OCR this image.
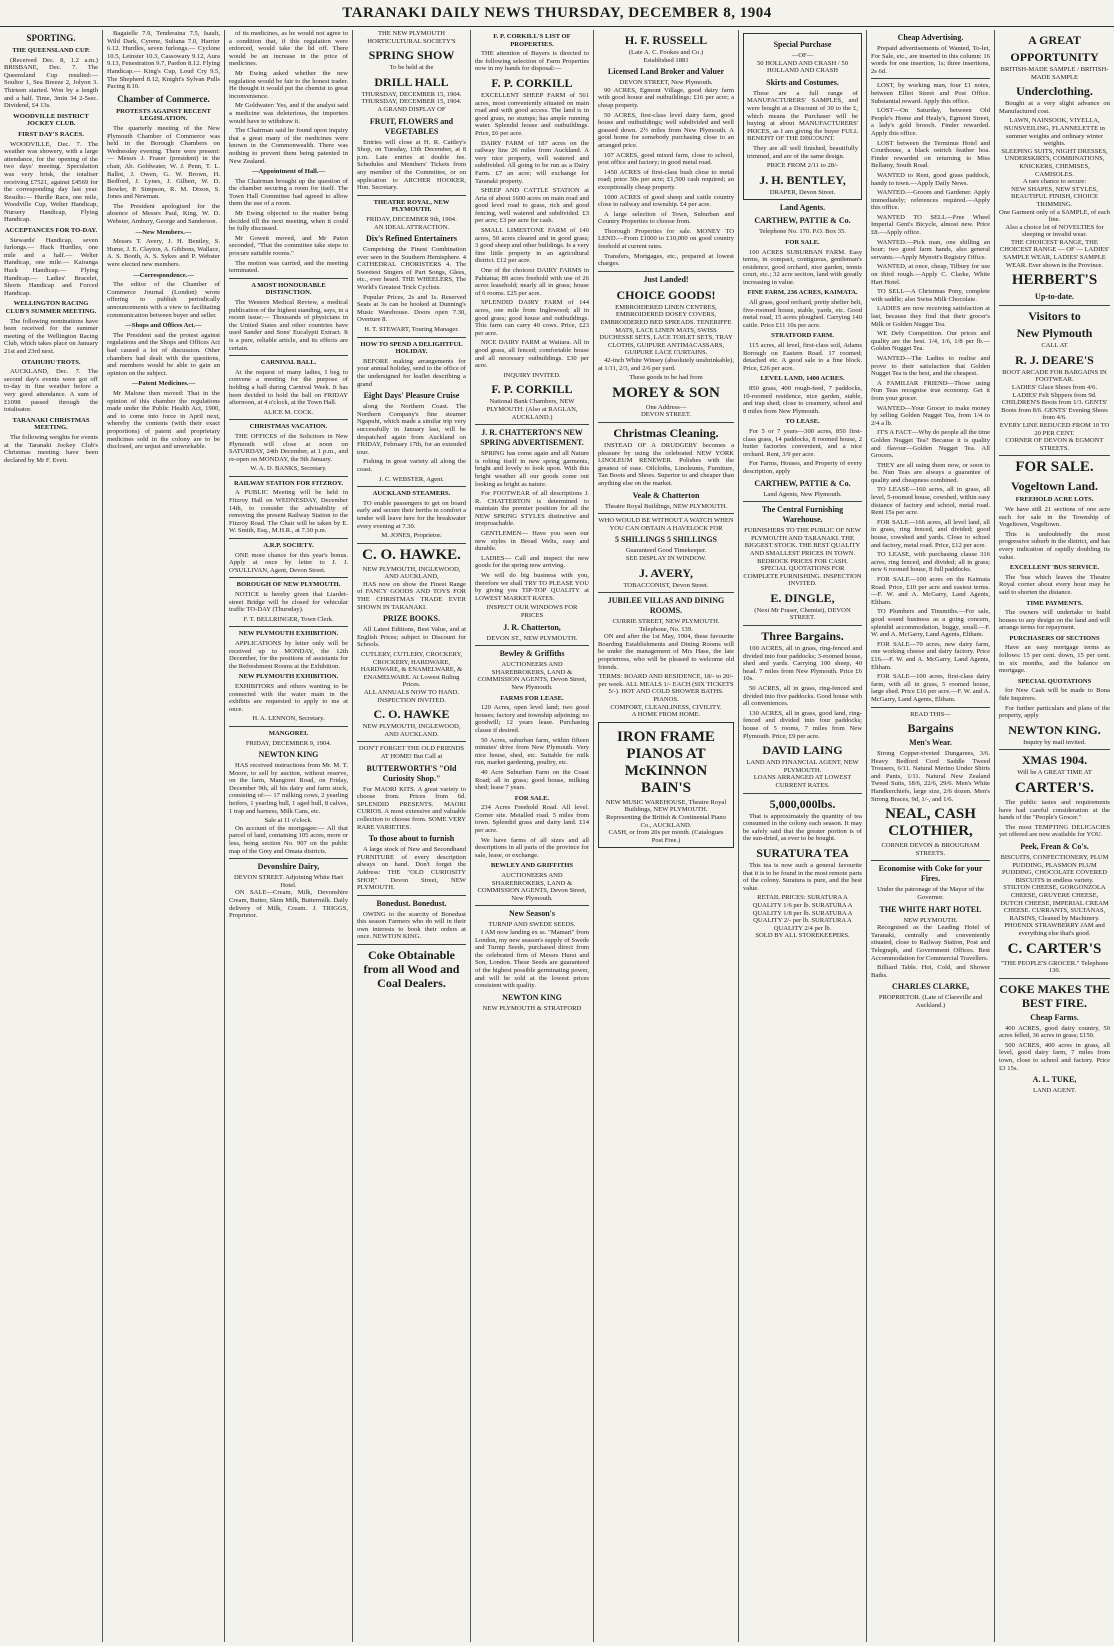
TARANAKI DAILY NEWS THURSDAY, DECEMBER 8, 1904
SPORTING.
THE QUEENSLAND CUP.

(Received Dec. 8, 1.2 a.m.) BRISBANE, Dec. 7. The Queensland Cup resulted:— Soultor 1, Sea Breeze 2, Jolyon 3. Thirteen started. Won by a length and a half. Time, 3min 34 2-5sec. Dividend, £4 13s.

WOODVILLE DISTRICT JOCKEY CLUB.
FIRST DAY'S RACES.

WOODVILLE, Dec. 7. The weather was showery, with a large attendance, for the opening of the two days' meeting. Speculation was very brisk, the totaliser receiving £7521, against £4569 for the corresponding day last year. Results:— Hurdle Race, one mile, Woodville Cup, Welter Handicap, Nursery Handicap, Flying Handicap.

ACCEPTANCES FOR TO-DAY.

Stewards' Handicap, seven furlongs.— Hack Hurdles, one mile and a half.— Welter Handicap, one mile.— Kairanga Hack Handicap.— Flying Handicap.— Ladies' Bracelet, Shorts Handicap and Forced Handicap.

WELLINGTON RACING CLUB'S SUMMER MEETING.

The following nominations have been received for the summer meeting of the Wellington Racing Club, which takes place on January 21st and 23rd next.

OTAHUHU TROTS.

AUCKLAND, Dec. 7. The second day's events were got off to-day in fine weather before a very good attendance. A sum of £1098 passed through the totalisator.

TARANAKI CHRISTMAS MEETING.

The following weights for events at the Taranaki Jockey Club's Christmas meeting have been declared by Mr F. Evett.

Bagatelle 7.9, Tenderaina 7.5, Isault, Wild Dark, Cyrene, Sultana 7.0, Harrier 6.12. Hurdles, seven furlongs.— Cyclone 10.5, Leinster 10.3, Cassowary 9.12, Aura 9.13, Fenestration 9.7, Pardon 8.12. Flying Handicap.— King's Cup, Loud Cry 9.5, The Shepherd 8.12, Knight's Sylvan Pulls Pacing 8.10.

Chamber of Commerce.
PROTESTS AGAINST RECENT LEGISLATION.

The quarterly meeting of the New Plymouth Chamber of Commerce was held in the Borough Chambers on Wednesday evening. There were present:— Messrs J. Fraser (president) in the chair, Ab. Goldwater, W. J. Penn, T. L. Ballot, J. Owen, G. W. Brown, H. Bedford, J. Lynes, J. Gilbert, W. D. Bowler, P. Simpson, R. M. Dixon, S. Jones and Newman.

The President apologised for the absence of Messrs Paul, King, W. D. Webster, Ambury, George and Sanderson.

—New Members.—

Messrs T. Avery, J. H. Bentley, S. Hume, J. E. Clayton, A. Gibbons, Wallace, A. S. Booth, A. S. Sykes and P. Webster were elected new members.

—Correspondence.—

The editor of the Chamber of Commerce Journal (London) wrote offering to publish periodically announcements with a view to facilitating communication between buyer and seller.

—Shops and Offices Act.—

The President said the protest against regulations and the Shops and Offices Act had caused a lot of discussion. Other chambers had dealt with the questions, and members would be able to gain an opinion on the subject.

—Patent Medicines.—

Mr Malone then moved: That in the opinion of this chamber the regulations made under the Public Health Act, 1900, and to come into force in April next, whereby the contents (with their exact proportions) of patent and proprietary medicines sold in the colony are to be disclosed, are unjust and unworkable.

of its medicines, as he would not agree to a condition that, if this regulation were enforced, would take the lid off. There would be an increase in the price of medicines.

Mr Ewing asked whether the new regulation would be fair to the honest trader. He thought it would put the chemist to great inconvenience.

Mr Goldwater: Yes, and if the analyst said a medicine was deleterious, the importers would have to withdraw it.

The Chairman said he found upon inquiry that a great many of the medicines were known in the Commonwealth. There was nothing to prevent them being patented in New Zealand.

—Appointment of Hall.—

The Chairman brought up the question of the chamber securing a room for itself. The Town Hall Committee had agreed to allow them the use of a room.

Mr Ewing objected to the matter being decided till the next meeting, when it could be fully discussed.

Mr Gowett moved, and Mr Paton seconded, "That the committee take steps to procure suitable rooms."

The motion was carried, and the meeting terminated.

A MOST HONOURABLE DISTINCTION.

The Western Medical Review, a medical publication of the highest standing, says, in a recent issue:— Thousands of physicians in the United States and other countries have used Sander and Sons' Eucalypti Extract. It is a pure, reliable article, and its effects are certain.

CARNIVAL BALL.

At the request of many ladies, I beg to convene a meeting for the purpose of holding a ball during Carnival Week. It has been decided to hold the ball on FRIDAY afternoon, at 4 o'clock, at the Town Hall.

ALICE M. COCK.
CHRISTMAS VACATION.

THE OFFICES of the Solicitors in New Plymouth will close at noon on SATURDAY, 24th December, at 1 p.m., and re-open on MONDAY, the 9th January.

W. A. D. BANKS, Secretary.
RAILWAY STATION FOR FITZROY.

A PUBLIC Meeting will be held in Fitzroy Hall on WEDNESDAY, December 14th, to consider the advisability of removing the present Railway Station to the Fitzroy Road. The Chair will be taken by E. W. Smith, Esq., M.H.R., at 7.30 p.m.

A.R.P. SOCIETY.

ONE more chance for this year's bonus. Apply at once by letter to J. J. O'SULLIVAN, Agent, Devon Street.

BOROUGH OF NEW PLYMOUTH.

NOTICE is hereby given that Liardet-street Bridge will be closed for vehicular traffic TO-DAY (Thursday).

F. T. BELLRINGER, Town Clerk.
NEW PLYMOUTH EXHIBITION.

APPLICATIONS by letter only will be received up to MONDAY, the 12th December, for the positions of assistants for the Refreshment Rooms at the Exhibition.

NEW PLYMOUTH EXHIBITION.

EXHIBITORS and others wanting to be connected with the water main in the exhibits are requested to apply to me at once.

H. A. LENNON, Secretary.
MANGOREI.
FRIDAY, DECEMBER 9, 1904.
NEWTON KING

HAS received instructions from Mr. M. T. Moore, to sell by auction, without reserve, on the farm, Mangorei Road, on Friday, December 9th, all his dairy and farm stock, consisting of:— 17 milking cows, 2 yearling heifers, 1 yearling bull, 1 aged bull, 8 calves, 1 trap and harness, Milk Cans, etc.

Sale at 11 o'clock.

On account of the mortgagee:— All that parcel of land, containing 105 acres, more or less, being section No. 907 on the public map of the Grey and Omata districts.

Devonshire Dairy,
DEVON STREET. Adjoining White Hart Hotel.

ON SALE—Cream, Milk, Devonshire Cream, Butter, Skim Milk, Buttermilk. Daily delivery of Milk, Cream. J. TRIGGS, Proprietor.

THE NEW PLYMOUTH HORTICULTURAL SOCIETY'S
SPRING SHOW
To be held at the
DRILL HALL
THURSDAY, DECEMBER 15, 1904. THURSDAY, DECEMBER 15, 1904.
A GRAND DISPLAY OF
FRUIT, FLOWERS and VEGETABLES

Entries will close at H. R. Cattley's Shop, on Tuesday, 13th December, at 8 p.m. Late entries at double fee. Schedules and Members' Tickets from any member of the Committee, or on application to ARCHER HOOKER, Hon. Secretary.

THEATRE ROYAL, NEW PLYMOUTH.
FRIDAY, DECEMBER 9th, 1904.
AN IDEAL ATTRACTION.
Dix's Refined Entertainers

Comprising the Finest Combination ever seen in the Southern Hemisphere. 4 CATHEDRAL CHORISTERS 4. The Sweetest Singers of Part Songs, Glees, etc., ever heard. THE WHEELERS, The World's Greatest Trick Cyclists.

Popular Prices, 2s and 1s. Reserved Seats at 3s can be booked at Dunning's Music Warehouse. Doors open 7.30, Overture 8.

H. T. STEWART, Touring Manager.
HOW TO SPEND A DELIGHTFUL HOLIDAY.

BEFORE making arrangements for your annual holiday, send to the office of the undersigned for leaflet describing a grand

Eight Days' Pleasure Cruise

along the Northern Coast. The Northern Company's fine steamer Ngapuhi, which made a similar trip very successfully in January last, will be despatched again from Auckland on FRIDAY, February 17th, for an extended tour.

Fishing in great variety all along the coast.

J. C. WEBSTER, Agent.
AUCKLAND STEAMERS.

TO enable passengers to get on board early and secure their berths in comfort a tender will leave here for the breakwater every evening at 7.30.

M. JONES, Proprietor.
C. O. HAWKE.
NEW PLYMOUTH, INGLEWOOD, AND AUCKLAND,

HAS now on show the Finest Range of FANCY GOODS AND TOYS FOR THE CHRISTMAS TRADE EVER SHOWN IN TARANAKI.

PRIZE BOOKS.

All Latest Editions, Best Value, and at English Prices; subject to Discount for Schools.

CUTLERY, CUTLERY, CROCKERY, CROCKERY, HARDWARE, HARDWARE, & ENAMELWARE, & ENAMELWARE. At Lowest Ruling Prices.
ALL ANNUALS NOW TO HAND.
INSPECTION INVITED.
C. O. HAWKE
NEW PLYMOUTH, INGLEWOOD, AND AUCKLAND.
DON'T FORGET THE OLD FRIENDS AT HOME! But Call at
BUTTERWORTH'S "Old Curiosity Shop."

For MAORI KITS. A great variety to choose from. Prices from 6d. SPLENDID PRESENTS. MAORI CURIOS. A most extensive and valuable collection to choose from. SOME VERY RARE VARIETIES.

To those about to furnish

A large stock of New and Secondhand FURNITURE of every description always on hand. Don't forget the Address: THE "OLD CURIOSITY SHOP," Devon Street, NEW PLYMOUTH.

Bonedust. Bonedust.

OWING to the scarcity of Bonedust this season Farmers who do will in their own interests to book their orders at once. NEWTON KING.

Coke Obtainable from all Wood and Coal Dealers.
F. P. CORKILL'S LIST OF PROPERTIES.

THE attention of Buyers is directed to the following selection of Farm Properties now in my hands for disposal:—

F. P. CORKILL

EXCELLENT SHEEP FARM of 561 acres, most conveniently situated on main road and with good access. The land is in good grass, no stumps; has ample running water. Splendid house and outbuildings. Price, £6 per acre.

DAIRY FARM of 187 acres on the railway line 26 miles from Auckland. A very nice property, well watered and subdivided. All going to be run as a Dairy Farm. £7 an acre; will exchange for Taranaki property.

SHEEP AND CATTLE STATION at Aria of about 1600 acres on main road and good level road to grass, rich and good fencing, well watered and subdivided. £3 per acre; £3 per acre for cash.

SMALL LIMESTONE FARM of 140 acres, 50 acres cleared and in good grass; 3 good sheep and other buildings. Is a very fine little property in an agricultural district. £12 per acre.

One of the choicest DAIRY FARMS in Pahiatua; 89 acres freehold with use of 26 acres leasehold; nearly all in grass; house of 6 rooms. £25 per acre.

SPLENDID DAIRY FARM of 144 acres, one mile from Inglewood; all in good grass; good house and outbuildings. This farm can carry 40 cows. Price, £23 per acre.

NICE DAIRY FARM at Waitara. All in good grass, all fenced; comfortable house and all necessary outbuildings. £30 per acre.

INQUIRY INVITED.
F. P. CORKILL
National Bank Chambers, NEW PLYMOUTH. (Also at RAGLAN, AUCKLAND.)
J. R. CHATTERTON'S NEW SPRING ADVERTISEMENT.

SPRING has come again and all Nature is robing itself in new spring garments, bright and lovely to look upon. With this bright weather all our goods come out looking as bright as nature.

For FOOTWEAR of all descriptions J. R. CHATTERTON is determined to maintain the premier position for all the NEW SPRING STYLES distinctive and irreproachable.

GENTLEMEN— Have you seen our new styles in Broad Welts, easy and durable.

LADIES— Call and inspect the new goods for the spring now arriving.

We will do big business with you, therefore we shall TRY TO PLEASE YOU by giving you TIP-TOP QUALITY at LOWEST MARKET RATES.

INSPECT OUR WINDOWS FOR PRICES
J. R. Chatterton,
DEVON ST., NEW PLYMOUTH.
Bewley & Griffiths
AUCTIONEERS AND SHAREBROKERS, LAND & COMMISSION AGENTS, Devon Street, New Plymouth.
FARMS FOR LEASE.

120 Acres, open level land; two good houses; factory and township adjoining; no goodwill; 12 years lease. Purchasing clause if desired.

50 Acres, suburban farm, within fifteen minutes' drive from New Plymouth. Very nice house, shed, etc. Suitable for milk run, market gardening, poultry, etc.

40 Acre Suburban Farm on the Coast Road; all in grass; good house, milking shed; lease 7 years.

FOR SALE.

234 Acres Freehold Road. All level. Corner site. Metalled road. 5 miles from town. Splendid grass and dairy land. £14 per acre.

We have farms of all sizes and all descriptions in all parts of the province for sale, lease, or exchange.

BEWLEY AND GRIFFITHS
AUCTIONEERS AND SHAREBROKERS, LAND & COMMISSION AGENTS, Devon Street, New Plymouth.
New Season's
TURNIP AND SWEDE SEEDS.

I AM now landing ex ss. "Mamari" from London, my new season's supply of Swede and Turnip Seeds, purchased direct from the celebrated firm of Messrs Hurst and Son, London. These Seeds are guaranteed of the highest possible germinating power, and will be sold at the lowest prices consistent with quality.

NEWTON KING
NEW PLYMOUTH & STRATFORD
H. F. RUSSELL
(Late A. C. Fookes and Co.)
Established 1881
Licensed Land Broker and Valuer
DEVON STREET, New Plymouth.

90 ACRES, Egmont Village, good dairy farm with good house and outbuildings; £16 per acre; a cheap property.

50 ACRES, first-class level dairy farm, good house and outbuildings; well subdivided and well grassed down. 2½ miles from New Plymouth. A good home for somebody purchasing close to an arranged price.

107 ACRES, good mixed farm, close to school, post office and factory; in good metal road.

1450 ACRES of first-class bush close to metal road; price 30s per acre; £1,500 cash required; an exceptionally cheap property.

1000 ACRES of good sheep and cattle country close to railway and township. £4 per acre.

A large selection of Town, Suburban and Country Properties to choose from.

Thorough Properties for sale. MONEY TO LEND.—From £1000 to £10,000 on good country freehold at current rates.

Transfers, Mortgages, etc., prepared at lowest charges.

Just Landed!
CHOICE GOODS!
EMBROIDERED LINEN CENTRES, EMBROIDERED DOSEY COVERS, EMBROIDERED BED SPREADS. TENERIFFE MATS, LACE LINEN MATS, SWISS DUCHESSE SETS, LACE TOILET SETS, TRAY CLOTHS, GUIPURE ANTIMACASSARS, GUIPURE LACE CURTAINS.

42-inch White Winsey (absolutely unshrinkable), at 1/11, 2/3, and 2/6 per yard.

These goods to be had from
MOREY & SON
One Address—
DEVON STREET.
Christmas Cleaning.

INSTEAD OF A DRUDGERY becomes a pleasure by using the celebrated NEW YORK LINOLEUM RENEWER. Polishes with the greatest of ease. Oilcloths, Linoleums, Furniture, Tan Boots and Shoes. Superior to and cheaper than anything else on the market.

Veale & Chatterton
Theatre Royal Buildings, NEW PLYMOUTH.
WHO WOULD BE WITHOUT A WATCH WHEN YOU CAN OBTAIN A HAVELOCK FOR
5 SHILLINGS 5 SHILLINGS
Guaranteed Good Timekeeper.
SEE DISPLAY IN WINDOW.
J. AVERY,
TOBACCONIST, Devon Street.
JUBILEE VILLAS AND DINING ROOMS.
CURRIE STREET, NEW PLYMOUTH. Telephone, No. 139.

ON and after the 1st May, 1904, these favourite Boarding Establishments and Dining Rooms will be under the management of Mrs Hase, the late proprietress, who will be pleased to welcome old friends.

TERMS: BOARD AND RESIDENCE, 18/- to 20/- per week. ALL MEALS 1/- EACH (SIX TICKETS 5/-). HOT AND COLD SHOWER BATHS. PIANOS.
COMFORT, CLEANLINESS, CIVILITY.
A HOME FROM HOME.
IRON FRAME PIANOS AT McKINNON BAIN'S
NEW MUSIC WAREHOUSE, Theatre Royal Buildings, NEW PLYMOUTH.
Representing the British & Continental Piano Co., AUCKLAND.
CASH, or from 20s per month. (Catalogues Post Free.)
Special Purchase
—OF—
50 HOLLAND AND CRASH / 50 HOLLAND AND CRASH
Skirts and Costumes.

These are a full range of MANUFACTURERS' SAMPLES, and were bought at a Discount of 30 to the £, which means the Purchaser will be buying at about MANUFACTURERS' PRICES, as I am giving the buyer FULL BENEFIT OF THE DISCOUNT.

They are all well finished, beautifully trimmed, and are of the same design.

PRICE FROM 2/11 to 28/-
J. H. BENTLEY,
DRAPER, Devon Street.
Land Agents.
CARTHEW, PATTIE & Co.
Telephone No. 170. P.O. Box 35.
FOR SALE.

100 ACRES SUBURBAN FARM. Easy terms, in compact, contiguous, gentleman's residence, good orchard, nice garden, tennis court, etc.; 32 acre section, land with greatly increasing in value.

FINE FARM, 236 ACRES, KAIMATA.

All grass, good orchard, pretty shelter belt, five-roomed house, stable, yards, etc. Good metal road, 15 acres ploughed. Carrying 140 cattle. Price £11 10s per acre.

STRATFORD FARM.

115 acres, all level, first-class soil, Adams Borough on Eastern Road. 17 roomed; detached etc. A good sale to a fine block. Price, £26 per acre.

LEVEL LAND, 1400 ACRES.

850 grass, 400 rough-feed, 7 paddocks, 10-roomed residence, nice garden, stable, and trap shed; close to creamery, school and 8 miles from New Plymouth.

TO LEASE.

For 5 or 7 years—300 acres, 850 first-class grass, 14 paddocks, 8 roomed house, 2 butter factories convenient, and a nice orchard. Rent, 3/9 per acre.

For Farms, Houses, and Property of every description, apply

CARTHEW, PATTIE & Co.
Land Agents, New Plymouth.
The Central Furnishing Warehouse.
FURNISHERS TO THE PUBLIC OF NEW PLYMOUTH AND TARANAKI. THE BIGGEST STOCK. THE BEST QUALITY AND SMALLEST PRICES IN TOWN.
BEDROCK PRICES FOR CASH. SPECIAL QUOTATIONS FOR COMPLETE FURNISHING. INSPECTION INVITED.
E. DINGLE,
(Next Mr Fraser, Chemist), DEVON STREET.
Three Bargains.

100 ACRES, all in grass, ring-fenced and divided into four paddocks; 3-roomed house, shed and yards. Carrying 100 sheep, 40 head. 7 miles from New Plymouth. Price £6 10s.

50 ACRES, all in grass, ring-fenced and divided into five paddocks. Good house with all conveniences.

130 ACRES, all in grass, good land, ring-fenced and divided into four paddocks; house of 5 rooms, 7 miles from New Plymouth. Price, £9 per acre.

DAVID LAING
LAND AND FINANCIAL AGENT, NEW PLYMOUTH.
LOANS ARRANGED AT LOWEST CURRENT RATES.
5,000,000lbs.

That is approximately the quantity of tea consumed in the colony each season. It may be safely said that the greater portion is of the sun-dried, as ever to be bought.

SURATURA TEA

This tea is now such a general favourite that it is to be found in the most remote parts of the colony. Suratura is pure, and the best value.

RETAIL PRICES: SURATURA A QUALITY 1/6 per lb. SURATURA A QUALITY 1/8 per lb. SURATURA A QUALITY 2/- per lb. SURATURA A QUALITY 2/4 per lb.
SOLD BY ALL STOREKEEPERS.
Cheap Advertising.

Prepaid advertisements of Wanted, To-let, For Sale, etc., are inserted in this column: 16 words for one insertion, 1s; three insertions, 2s 6d.

LOST, by working man, four £1 notes, between Elliot Street and Post Office. Substantial reward. Apply this office.

LOST—On Saturday, between Old People's Home and Healy's, Egmont Street, a lady's gold brooch. Finder rewarded. Apply this office.

LOST between the Terminus Hotel and Courthouse, a black ostrich feather boa. Finder rewarded on returning to Miss Bellamy, South Road.

WANTED to Rent, good grass paddock, handy to town.—Apply Daily News.

WANTED.—Groom and Gardener. Apply immediately; references required.—Apply this office.

WANTED TO SELL—Free Wheel Imperial Gent's Bicycle, almost new. Price £8.—Apply office.

WANTED.—Pick man, one shilling an hour; two good farm hands, also general servants.—Apply Mynott's Registry Office.

WANTED, at once, cheap, Tilbury for use on third rough.—Apply C. Clarke, White Hart Hotel.

TO SELL—A Christmas Pony, complete with saddle; also Swiss Milk Chocolate.

LADIES are now receiving satisfaction at last, because they find that their grocer's Milk or Golden Nugget Tea.

WE Defy Competition. Our prices and quality are the best. 1/4, 1/6, 1/8 per lb.—Golden Nugget Tea.

WANTED—The Ladies to realise and prove to their satisfaction that Golden Nugget Tea is the best, and the cheapest.

A FAMILIAR FRIEND—Those using Nun Teas recognise true economy. Get it from your grocer.

WANTED—Your Grocer to make money by selling Golden Nugget Tea, from 1/4 to 2/4 a lb.

IT'S A FACT—Why do people all the time Golden Nugget Tea? Because it is quality and flavour—Golden Nugget Tea. All Grocers.

THEY are all using them now, or soon to be. Nun Teas are always a guarantee of quality and cheapness combined.

TO LEASE—160 acres, all in grass, all level, 5-roomed house, cowshed, within easy distance of factory and school, metal road. Rent 15s per acre.

FOR SALE—166 acres, all level land, all in grass, ring fenced, and divided; good house, cowshed and yards. Close to school and factory, metal road. Price, £12 per acre.

TO LEASE, with purchasing clause 316 acres, ring fenced, and divided; all in grass; new 6 roomed house, 8 full paddocks.

FOR SALE—100 acres on the Kaimata Road. Price, £10 per acre and easiest terms.—F. W. and A. McGarry, Land Agents, Eltham.

TO Plumbers and Tinsmiths.—For sale, good sound business as a going concern, splendid accommodation, buggy, small.—F. W. and A. McGarry, Land Agents, Eltham.

FOR SALE—70 acres, new dairy farm, one working cheese and dairy factory. Price £16.—F. W. and A. McGarry, Land Agents, Eltham.

FOR SALE—100 acres, first-class dairy farm, with all in grass, 5 roomed house, large shed. Price £16 per acre.—F. W. and A. McGarry, Land Agents, Eltham.

READ THIS—
Bargains
Men's Wear.

Strong Copper-riveted Dungarees, 3/6. Heavy Bedford Cord Saddle Tweed Trousers, 6/11. Natural Merino Under Shirts and Pants, 1/11. Natural New Zealand Tweed Suits, 18/6, 22/6, 29/6. Men's White Handkerchiefs, large size, 2/6 dozen. Men's Strong Braces, 9d, 1/-, and 1/6.

NEAL, CASH CLOTHIER,
CORNER DEVON & BROUGHAM STREETS.
Economise with Coke for your Fires.
Under the patronage of the Mayor of the Governor.
THE WHITE HART HOTEL
NEW PLYMOUTH.

Recognised as the Leading Hotel of Taranaki, centrally and conveniently situated, close to Railway Station, Post and Telegraph, and Government Offices. Best Accommodation for Commercial Travellers.

Billiard Table. Hot, Cold, and Shower Baths.

CHARLES CLARKE,
PROPRIETOR. (Late of Clareville and Auckland.)
A GREAT
OPPORTUNITY
BRITISH-MADE SAMPLE / BRITISH-MADE SAMPLE
Underclothing.

Bought at a very slight advance on Manufactured cost.

LAWN, NAINSOOK, VIYELLA, NUNSVEILING, FLANNELETTE in summer weights and ordinary winter weights.
SLEEPING SUITS, NIGHT DRESSES, UNDERSKIRTS, COMBINATIONS, KNICKERS, CHEMISES, CAMISOLES.
A rare chance to secure:
NEW SHAPES, NEW STYLES, BEAUTIFUL FINISH, CHOICE TRIMMING.
One Garment only of a SAMPLE, of each line.
Also a choice lot of NOVELTIES for sleeping or invalid wear.
THE CHOICEST RANGE, THE CHOICEST RANGE — OF — LADIES' SAMPLE WEAR, LADIES' SAMPLE WEAR. Ever shown in the Province.
HERBERT'S
Up-to-date.
Visitors to
New Plymouth
CALL AT
R. J. DEARE'S
BOOT ARCADE FOR BARGAINS IN FOOTWEAR.
LADIES' Glace Shoes from 4/6. LADIES' Felt Slippers from 9d. CHILDREN'S Boots from 1/3. GENTS' Boots from 8/6. GENTS' Evening Shoes from 4/6.
EVERY LINE REDUCED FROM 10 TO 20 PER CENT.
CORNER OF DEVON & EGMONT STREETS.
FOR SALE.
Vogeltown Land.
FREEHOLD ACRE LOTS.

We have still 21 sections of one acre each for sale in the Township of Vogeltown, Vogeltown.

This is undoubtedly the most progressive suburb in the district, and has every indication of rapidly doubling its value.

EXCELLENT 'BUS SERVICE.

The 'bus which leaves the Theatre Royal corner about every hour may be said to shorten the distance.

TIME PAYMENTS.

The owners will undertake to build houses to any design on the land and will arrange terms for repayment.

PURCHASERS OF SECTIONS

Have an easy mortgage terms as follows: 15 per cent. down, 15 per cent. in six months, and the balance on mortgage.

SPECIAL QUOTATIONS

for New Cash will be made to Bona fide Inquirers.

For further particulars and plans of the property, apply

NEWTON KING.
Inquiry by mail invited.
XMAS 1904.
Will be A GREAT TIME AT
CARTER'S.

The public tastes and requirements have had careful consideration at the hands of the "People's Grocer."

The most TEMPTING DELICACIES yet offered are now available for YOU.

Peek, Frean & Co's.
BISCUITS, CONFECTIONERY, PLUM PUDDING, PLASMON PLUM PUDDING, CHOCOLATE COVERED BISCUITS in endless variety.
STILTON CHEESE, GORGONZOLA CHEESE, GRUYERE CHEESE, DUTCH CHEESE, IMPERIAL CREAM CHEESE. CURRANTS, SULTANAS, RAISINS, Cleaned by Machinery.
PHOENIX STRAWBERRY JAM and everything else that's good.
C. CARTER'S
"THE PEOPLE'S GROCER." Telephone 130.
COKE MAKES THE BEST FIRE.
Cheap Farms.

400 ACRES, good dairy country, 50 acres felled, 36 acres in grass; £150.

500 ACRES, 400 acres in grass, all level, good dairy farm, 7 miles from town, close to school and factory. Price £3 15s.

A. L. TUKE,
LAND AGENT.
